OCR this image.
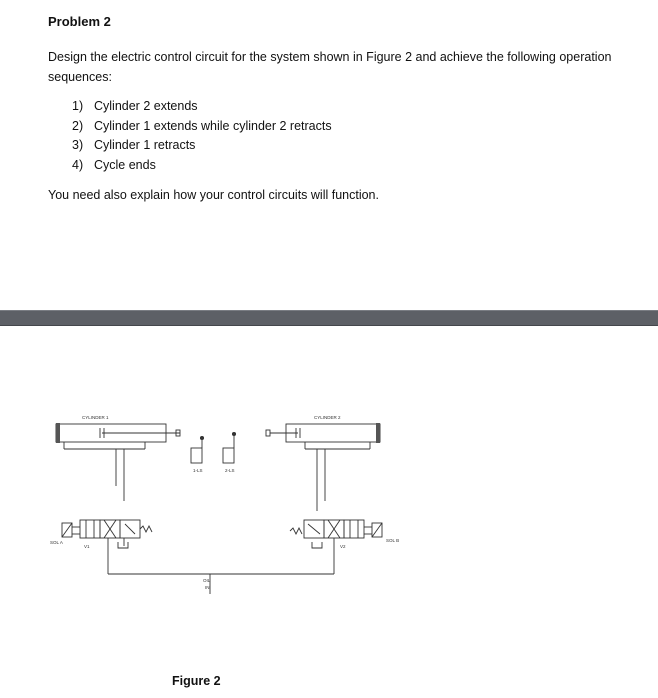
Problem 2
Design the electric control circuit for the system shown in Figure 2 and achieve the following operation sequences:
1) Cylinder 2 extends
2) Cylinder 1 extends while cylinder 2 retracts
3) Cylinder 1 retracts
4) Cycle ends
You need also explain how your control circuits will function.
CYLINDER 1	CYLINDER 2
1-LS	2-LS
SOL A
V1
SOL B
V2
OIL
IN
Figure 2
